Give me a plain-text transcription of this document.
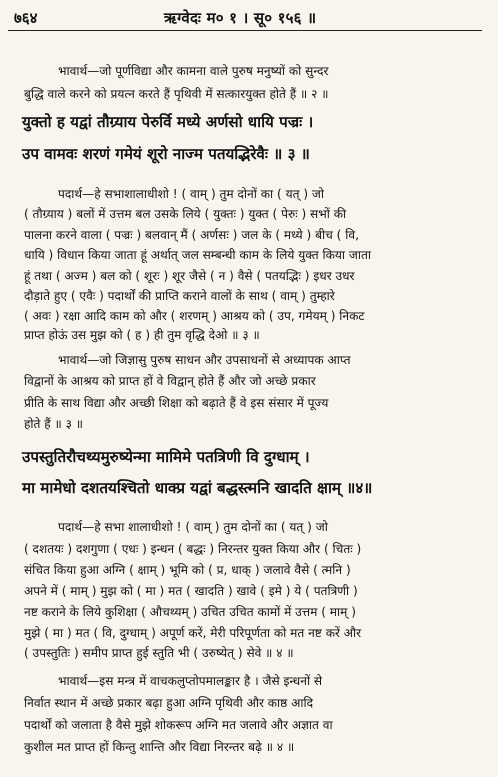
७६४	ऋग्वेदः म० १ । सू० १५६ ॥
भावार्थ—जो पूर्णविद्या और कामना वाले पुरुष मनुष्यों को सुन्दर
बुद्धि वाले करने को प्रयत्न करते हैं पृथिवी में सत्कारयुक्त होते हैं ॥ २ ॥
युक्तो ह यद्वां तौग्र्याय पेरुर्वि मध्ये अर्णसो धायि पज्रः ।
उप वामवः शरणं गमेयं शूरो नाज्म पतयद्भिरेवैः ॥ ३ ॥
पदार्थ—हे सभाशालाधीशो ! ( वाम् ) तुम दोनों का ( यत् ) जो
( तौग्र्याय ) बलों में उत्तम बल उसके लिये ( युक्तः ) युक्त ( पेरुः ) सभों की
पालना करने वाला ( पज्रः ) बलवान् मैं ( अर्णसः ) जल के ( मध्ये ) बीच ( वि,
धायि ) विधान किया जाता हूं अर्थात् जल सम्बन्धी काम के लिये युक्त किया जाता
हूं तथा ( अज्म ) बल को ( शूरः ) शूर जैसे ( न ) वैसे ( पतयद्भिः ) इधर उधर
दौड़ाते हुए ( एवैः ) पदार्थों की प्राप्ति कराने वालों के साथ ( वाम् ) तुम्हारे
( अवः ) रक्षा आदि काम को और ( शरणम् ) आश्रय को ( उप, गमेयम् ) निकट
प्राप्त होऊं उस मुझ को ( ह ) ही तुम वृद्धि देओ ॥ ३ ॥
भावार्थ—जो जिज्ञासु पुरुष साधन और उपसाधनों से अध्यापक आप्त
विद्वानों के आश्रय को प्राप्त हों वे विद्वान् होते हैं और जो अच्छे प्रकार
प्रीति के साथ विद्या और अच्छी शिक्षा को बढ़ाते हैं वे इस संसार में पूज्य
होते हैं ॥ ३ ॥
उपस्तुतिरौचथ्यमुरुष्येन्मा मामिमे पतत्रिणी वि दुग्धाम् ।
मा मामेधो दशतयश्चितो धाक्प्र यद्वां बद्धस्त्मनि खादति क्षाम् ॥४॥
पदार्थ—हे सभा शालाधीशो ! ( वाम् ) तुम दोनों का ( यत् ) जो
( दशतयः ) दशगुणा ( एधः ) इन्धन ( बद्धः ) निरन्तर युक्त किया और ( चितः )
संचित किया हुआ अग्नि ( क्षाम् ) भूमि को ( प्र, धाक् ) जलावे वैसे ( त्मनि )
अपने में ( माम् ) मुझ को ( मा ) मत ( खादति ) खावे ( इमे ) ये ( पतत्रिणी )
नष्ट कराने के लिये कुशिक्षा ( औचथ्यम् ) उचित उचित कामों में उत्तम ( माम् )
मुझे ( मा ) मत ( वि, दुग्धाम् ) अपूर्ण करें, मेरी परिपूर्णता को मत नष्ट करें और
( उपस्तुतिः ) समीप प्राप्त हुई स्तुति भी ( उरुष्येत् ) सेवे ॥ ४ ॥
भावार्थ—इस मन्त्र में वाचकलुप्तोपमालङ्कार है । जैसे इन्धनों से
निर्वात स्थान में अच्छे प्रकार बढ़ा हुआ अग्नि पृथिवी और काष्ठ आदि
पदार्थों को जलाता है वैसे मुझे शोकरूप अग्नि मत जलावे और अज्ञात वा
कुशील मत प्राप्त हों किन्तु शान्ति और विद्या निरन्तर बढ़े ॥ ४ ॥
